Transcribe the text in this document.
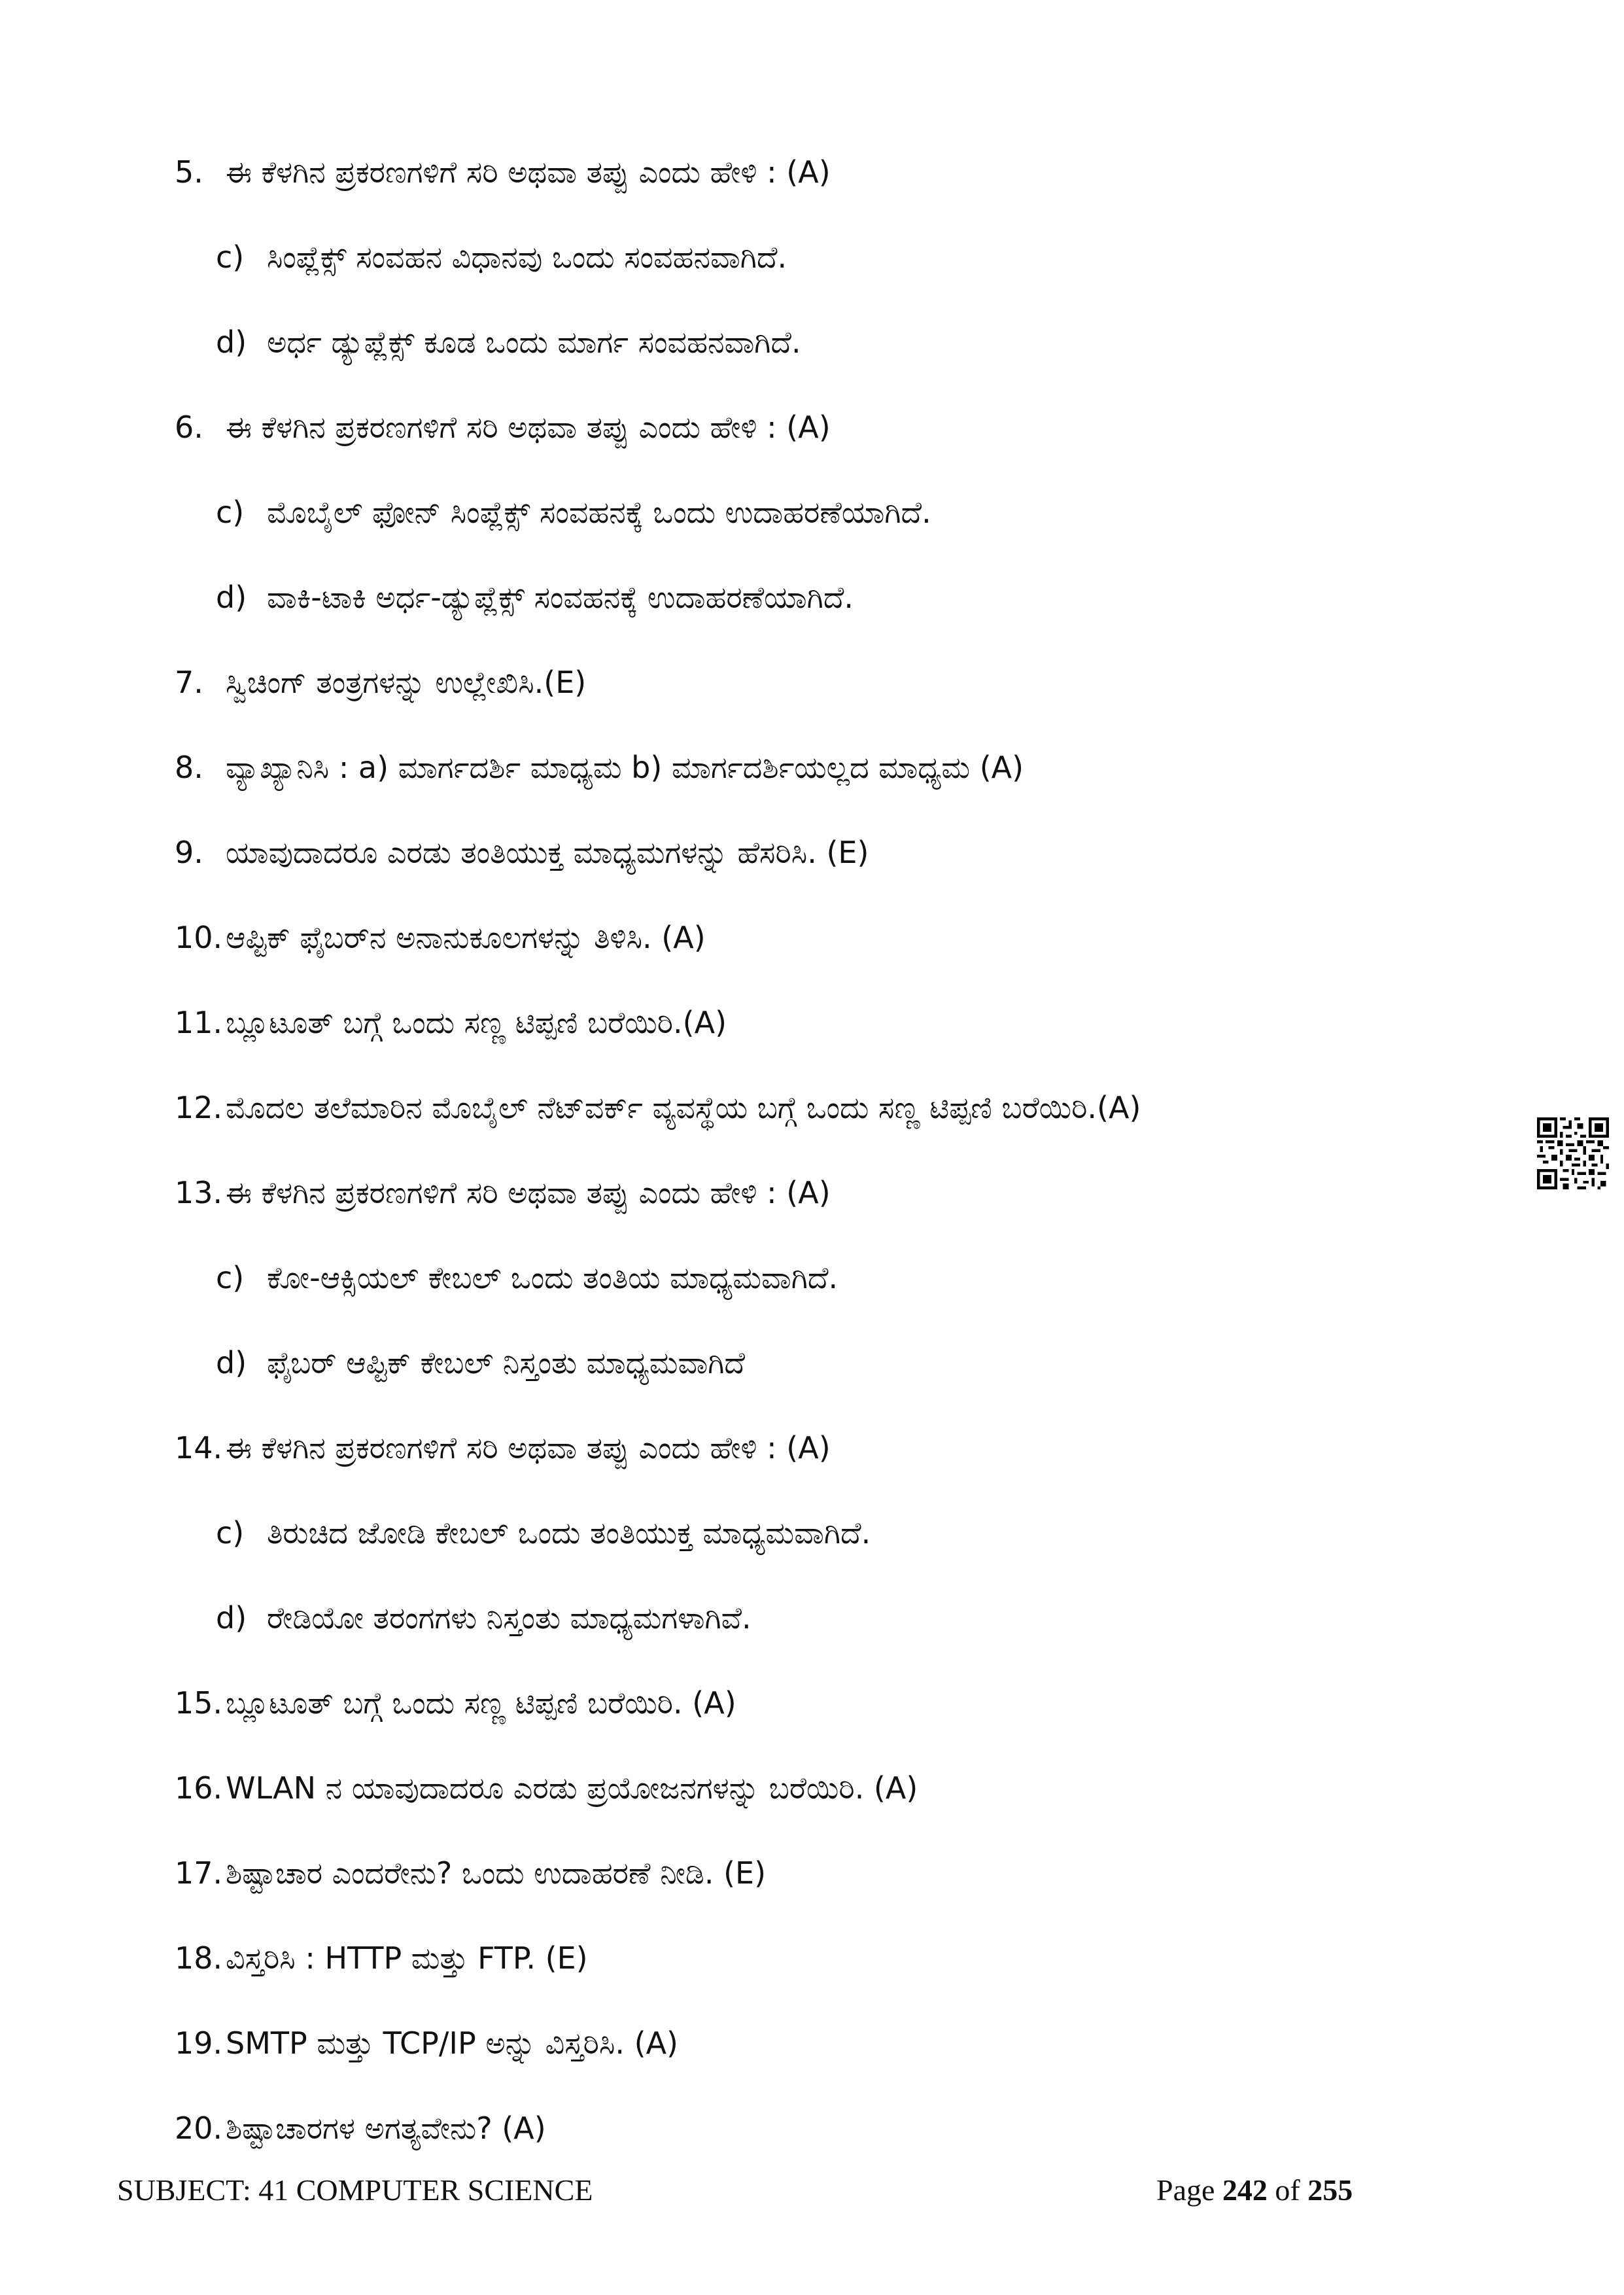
5. ಈ ಕೆಳಗಿನ ಪ್ರಕರಣಗಳಿಗೆ ಸರಿ ಅಥವಾ ತಪ್ಪು ಎಂದು ಹೇಳಿ : (A)
c) ಸಿಂಪ್ಲೆಕ್ಸ್ ಸಂವಹನ ವಿಧಾನವು ಒಂದು ಸಂವಹನವಾಗಿದೆ.
d) ಅರ್ಧ ಡ್ಯುಪ್ಲೆಕ್ಸ್ ಕೂಡ ಒಂದು ಮಾರ್ಗ ಸಂವಹನವಾಗಿದೆ.
6. ಈ ಕೆಳಗಿನ ಪ್ರಕರಣಗಳಿಗೆ ಸರಿ ಅಥವಾ ತಪ್ಪು ಎಂದು ಹೇಳಿ : (A)
c) ಮೊಬೈಲ್ ಫೋನ್ ಸಿಂಪ್ಲೆಕ್ಸ್ ಸಂವಹನಕ್ಕೆ ಒಂದು ಉದಾಹರಣೆಯಾಗಿದೆ.
d) ವಾಕಿ-ಟಾಕಿ ಅರ್ಧ-ಡ್ಯುಪ್ಲೆಕ್ಸ್ ಸಂವಹನಕ್ಕೆ ಉದಾಹರಣೆಯಾಗಿದೆ.
7. ಸ್ವಿಚಿಂಗ್ ತಂತ್ರಗಳನ್ನು ಉಲ್ಲೇಖಿಸಿ.(E)
8. ವ್ಯಾಖ್ಯಾನಿಸಿ : a) ಮಾರ್ಗದರ್ಶಿ ಮಾಧ್ಯಮ b) ಮಾರ್ಗದರ್ಶಿಯಲ್ಲದ ಮಾಧ್ಯಮ (A)
9. ಯಾವುದಾದರೂ ಎರಡು ತಂತಿಯುಕ್ತ ಮಾಧ್ಯಮಗಳನ್ನು ಹೆಸರಿಸಿ. (E)
10. ಆಪ್ಟಿಕ್ ಫೈಬರ್‌ನ ಅನಾನುಕೂಲಗಳನ್ನು ತಿಳಿಸಿ. (A)
11. ಬ್ಲೂಟೂತ್ ಬಗ್ಗೆ ಒಂದು ಸಣ್ಣ ಟಿಪ್ಪಣಿ ಬರೆಯಿರಿ.(A)
12. ಮೊದಲ ತಲೆಮಾರಿನ ಮೊಬೈಲ್ ನೆಟ್‌ವರ್ಕ್ ವ್ಯವಸ್ಥೆಯ ಬಗ್ಗೆ ಒಂದು ಸಣ್ಣ ಟಿಪ್ಪಣಿ ಬರೆಯಿರಿ.(A)
13. ಈ ಕೆಳಗಿನ ಪ್ರಕರಣಗಳಿಗೆ ಸರಿ ಅಥವಾ ತಪ್ಪು ಎಂದು ಹೇಳಿ : (A)
c) ಕೋ-ಆಕ್ಸಿಯಲ್ ಕೇಬಲ್ ಒಂದು ತಂತಿಯ ಮಾಧ್ಯಮವಾಗಿದೆ.
d) ಫೈಬರ್ ಆಪ್ಟಿಕ್ ಕೇಬಲ್ ನಿಸ್ತಂತು ಮಾಧ್ಯಮವಾಗಿದೆ
14. ಈ ಕೆಳಗಿನ ಪ್ರಕರಣಗಳಿಗೆ ಸರಿ ಅಥವಾ ತಪ್ಪು ಎಂದು ಹೇಳಿ : (A)
c) ತಿರುಚಿದ ಜೋಡಿ ಕೇಬಲ್ ಒಂದು ತಂತಿಯುಕ್ತ ಮಾಧ್ಯಮವಾಗಿದೆ.
d) ರೇಡಿಯೋ ತರಂಗಗಳು ನಿಸ್ತಂತು ಮಾಧ್ಯಮಗಳಾಗಿವೆ.
15. ಬ್ಲೂಟೂತ್ ಬಗ್ಗೆ ಒಂದು ಸಣ್ಣ ಟಿಪ್ಪಣಿ ಬರೆಯಿರಿ. (A)
16. WLAN ನ ಯಾವುದಾದರೂ ಎರಡು ಪ್ರಯೋಜನಗಳನ್ನು ಬರೆಯಿರಿ. (A)
17. ಶಿಷ್ಟಾಚಾರ ಎಂದರೇನು? ಒಂದು ಉದಾಹರಣೆ ನೀಡಿ. (E)
18. ವಿಸ್ತರಿಸಿ : HTTP ಮತ್ತು FTP. (E)
19. SMTP ಮತ್ತು TCP/IP ಅನ್ನು ವಿಸ್ತರಿಸಿ. (A)
20. ಶಿಷ್ಟಾಚಾರಗಳ ಅಗತ್ಯವೇನು? (A)
SUBJECT: 41 COMPUTER SCIENCE	Page 242 of 255
